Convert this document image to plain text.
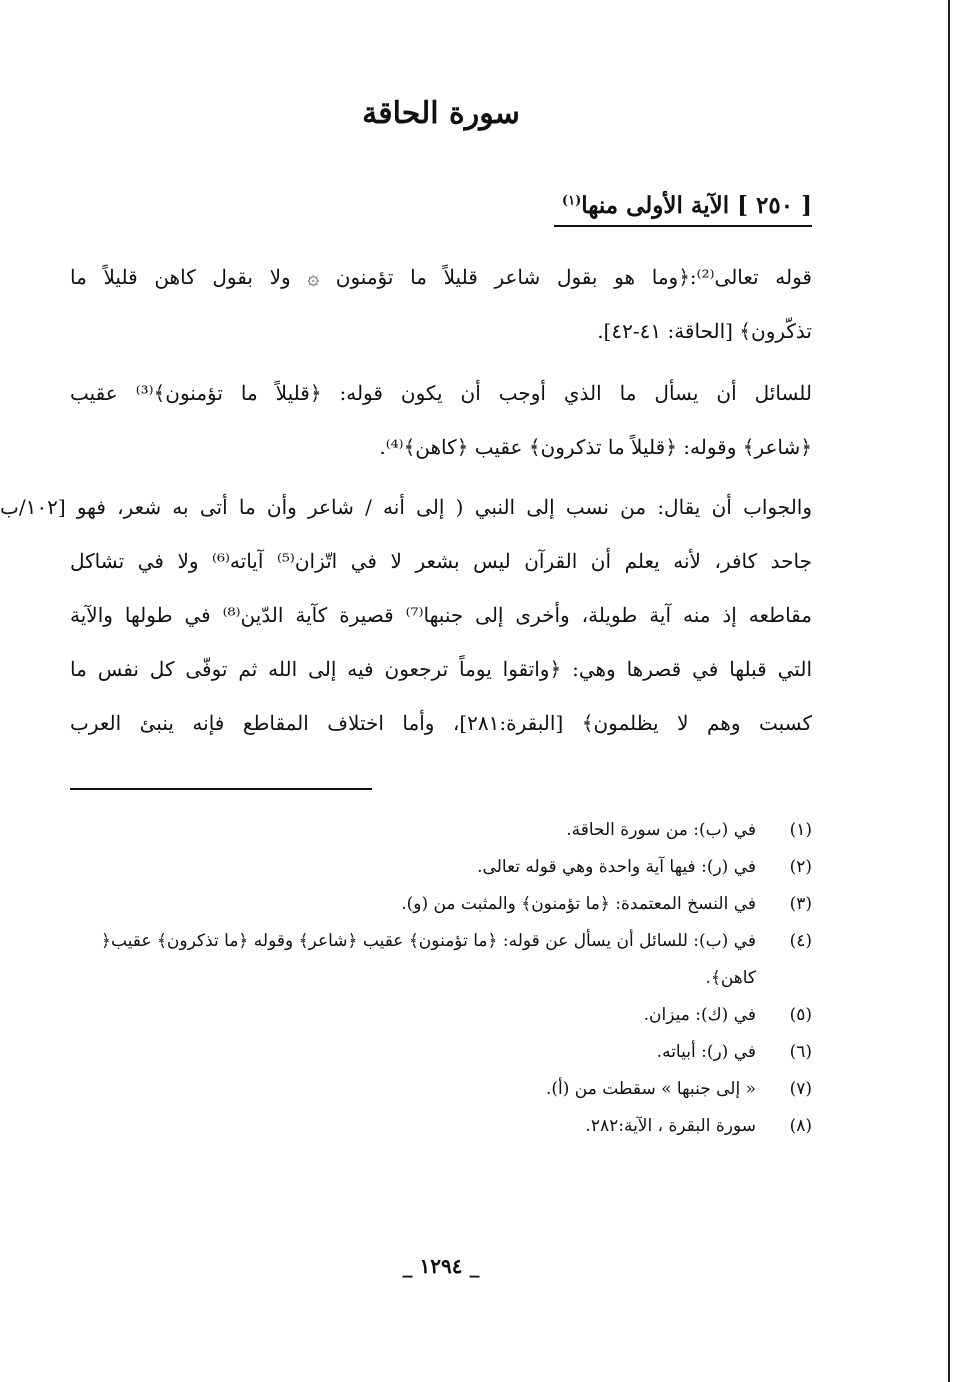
سورة الحاقة
[ ٢٥٠ ] الآية الأولى منها$^{(١)}$

قوله تعالى⁽²⁾:﴿وما هو بقول شاعر قليلاً ما تؤمنون ۞ ولا بقول كاهن قليلاً ما
تذكّرون﴾ [الحاقة: ٤١-٤٢].

للسائل أن يسأل ما الذي أوجب أن يكون قوله: ﴿قليلاً ما تؤمنون﴾⁽³⁾ عقيب
﴿شاعر﴾ وقوله: ﴿قليلاً ما تذكرون﴾ عقيب ﴿كاهن﴾⁽⁴⁾.

والجواب أن يقال: من نسب إلى النبي ( إلى أنه / شاعر وأن ما أتى به شعر، فهو [١٠٢/ب
جاحد كافر، لأنه يعلم أن القرآن ليس بشعر لا في اتّزان⁽⁵⁾ آياته⁽⁶⁾ ولا في تشاكل
مقاطعه إذ منه آية طويلة، وأخرى إلى جنبها⁽⁷⁾ قصيرة كآية الدّين⁽⁸⁾ في طولها والآية
التي قبلها في قصرها وهي: ﴿واتقوا يوماً ترجعون فيه إلى الله ثم توفّى كل نفس ما
كسبت وهم لا يظلمون﴾ [البقرة:٢٨١]، وأما اختلاف المقاطع فإنه ينبئ العرب

(١)
في (ب): من سورة الحاقة.
(٢)
في (ر): فيها آية واحدة وهي قوله تعالى.
(٣)
في النسخ المعتمدة: ﴿ما تؤمنون﴾ والمثبت من (و).
(٤)
في (ب): للسائل أن يسأل عن قوله: ﴿ما تؤمنون﴾ عقيب ﴿شاعر﴾ وقوله ﴿ما تذكرون﴾ عقيب﴿ كاهن﴾.
(٥)
في (ك): ميزان.
(٦)
في (ر): أبياته.
(٧)
« إلى جنبها » سقطت من (أ).
(٨)
سورة البقرة ، الآية:٢٨٢.
_ ١٢٩٤ _
